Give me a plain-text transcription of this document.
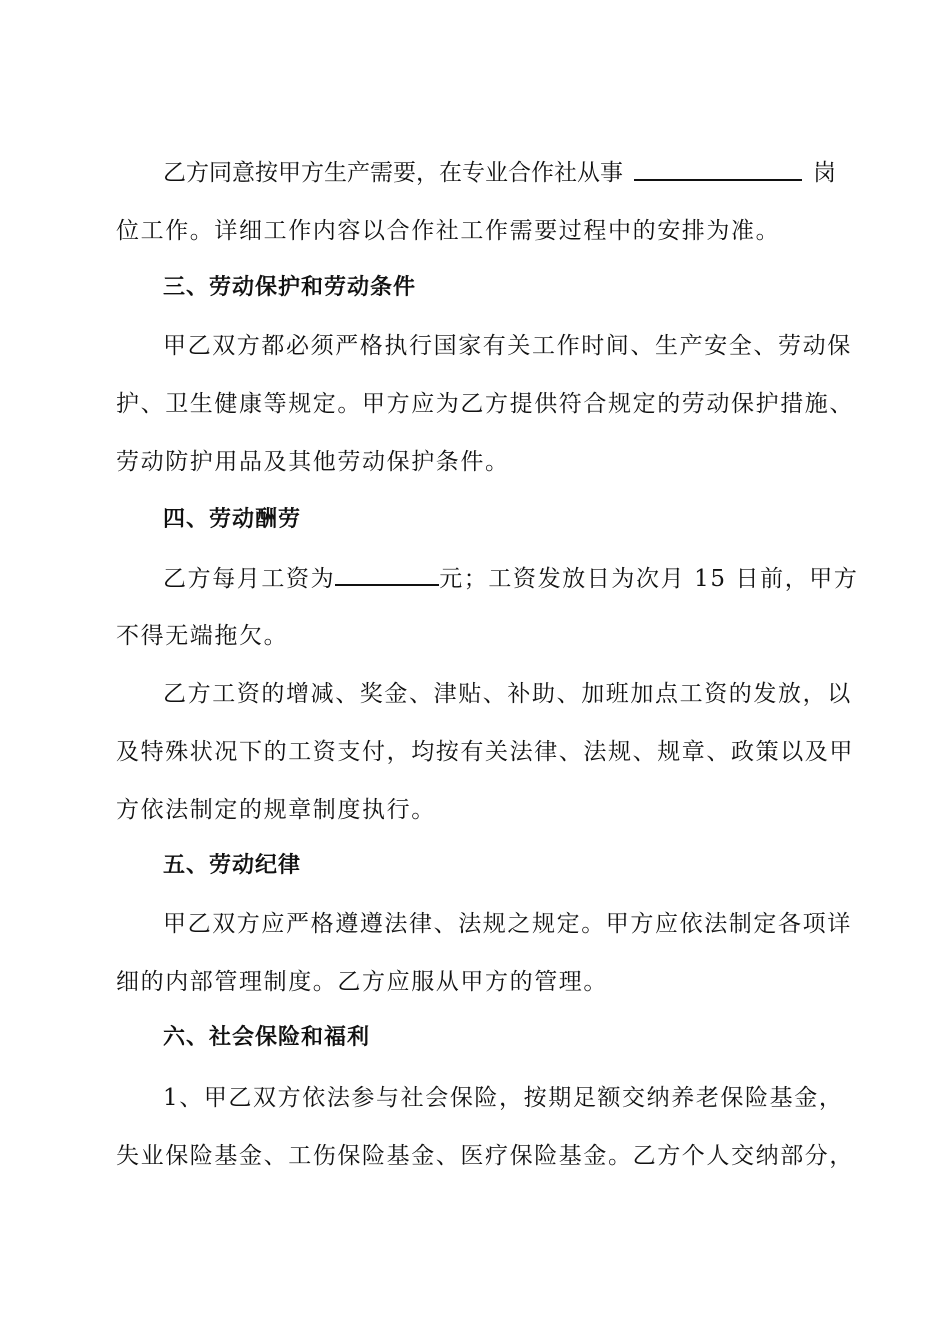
乙方同意按甲方生产需要，在专业合作社从事	岗
位工作。详细工作内容以合作社工作需要过程中的安排为准。
三、劳动保护和劳动条件
甲乙双方都必须严格执行国家有关工作时间、生产安全、劳动保
护、卫生健康等规定。甲方应为乙方提供符合规定的劳动保护措施、
劳动防护用品及其他劳动保护条件。
四、劳动酬劳
乙方每月工资为	元；工资发放日为次月 15 日前，甲方
不得无端拖欠。
乙方工资的增减、奖金、津贴、补助、加班加点工资的发放，以
及特殊状况下的工资支付，均按有关法律、法规、规章、政策以及甲
方依法制定的规章制度执行。
五、劳动纪律
甲乙双方应严格遵遵法律、法规之规定。甲方应依法制定各项详
细的内部管理制度。乙方应服从甲方的管理。
六、社会保险和福利
1、甲乙双方依法参与社会保险，按期足额交纳养老保险基金，
失业保险基金、工伤保险基金、医疗保险基金。乙方个人交纳部分，
